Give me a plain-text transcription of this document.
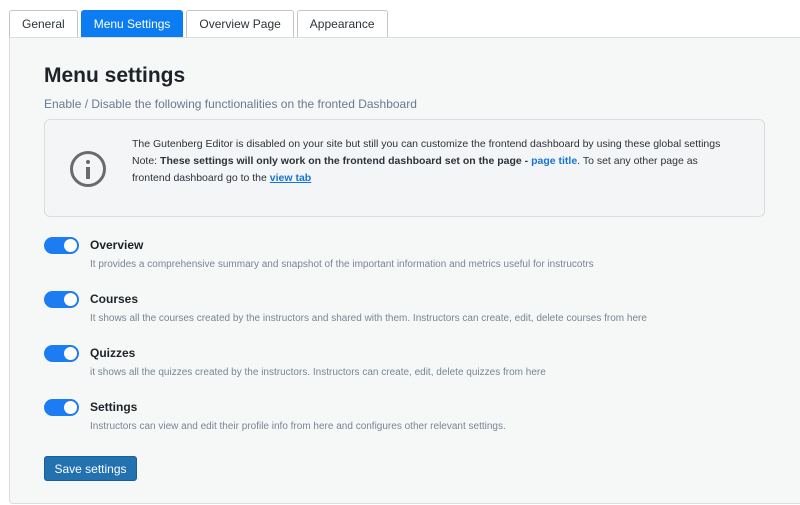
General	Menu Settings	Overview Page	Appearance
Menu settings
Enable / Disable the following functionalities on the fronted Dashboard
The Gutenberg Editor is disabled on your site but still you can customize the frontend dashboard by using these global settings
Note: These settings will only work on the frontend dashboard set on the page - page title. To set any other page as frontend dashboard go to the view tab
Overview
It provides a comprehensive summary and snapshot of the important information and metrics useful for instrucotrs
Courses
It shows all the courses created by the instructors and shared with them. Instructors can create, edit, delete courses from here
Quizzes
it shows all the quizzes created by the instructors. Instructors can create, edit, delete quizzes from here
Settings
Instructors can view and edit their profile info from here and configures other relevant settings.
Save settings
